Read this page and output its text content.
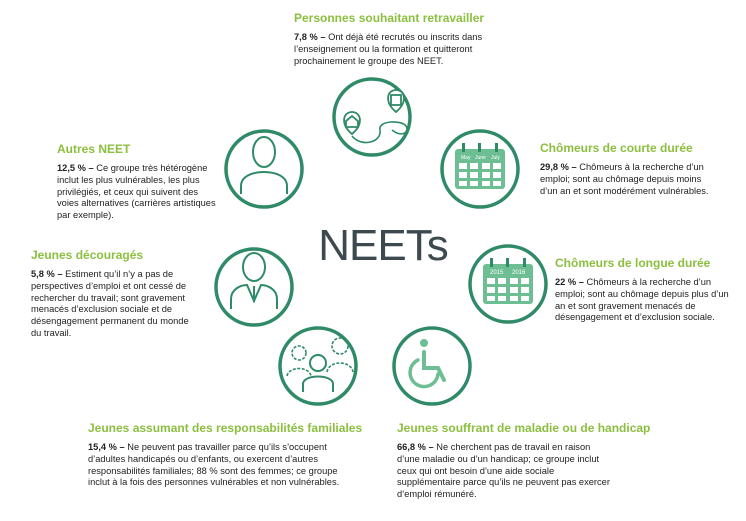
May June July
2015 2016
NEETs
Personnes souhaitant retravailler

7,8 % – Ont déjà été recrutés ou inscrits dans l’enseignement ou la formation et quitteront prochainement le groupe des NEET.

Chômeurs de courte durée

29,8 % – Chômeurs à la recherche d’un emploi; sont au chômage depuis moins d’un an et sont modérément vulnérables.

Chômeurs de longue durée

22 % – Chômeurs à la recherche d’un emploi; sont au chômage depuis plus d’un an et sont gravement menacés de désengagement et d’exclusion sociale.

Jeunes souffrant de maladie ou de handicap

66,8 % – Ne cherchent pas de travail en raison d’une maladie ou d’un handicap; ce groupe inclut ceux qui ont besoin d’une aide sociale supplémentaire parce qu’ils ne peuvent pas exercer d’emploi rémunéré.

Jeunes assumant des responsabilités familiales

15,4 % – Ne peuvent pas travailler parce qu’ils s’occupent d’adultes handicapés ou d’enfants, ou exercent d’autres responsabilités familiales; 88 % sont des femmes; ce groupe inclut à la fois des personnes vulnérables et non vulnérables.

Jeunes découragés

5,8 % – Estiment qu’il n’y a pas de perspectives d’emploi et ont cessé de rechercher du travail; sont gravement menacés d’exclusion sociale et de désengagement permanent du monde du travail.

Autres NEET

12,5 % – Ce groupe très hétérogène inclut les plus vulnérables, les plus privilégiés, et ceux qui suivent des voies alternatives (carrières artistiques par exemple).
